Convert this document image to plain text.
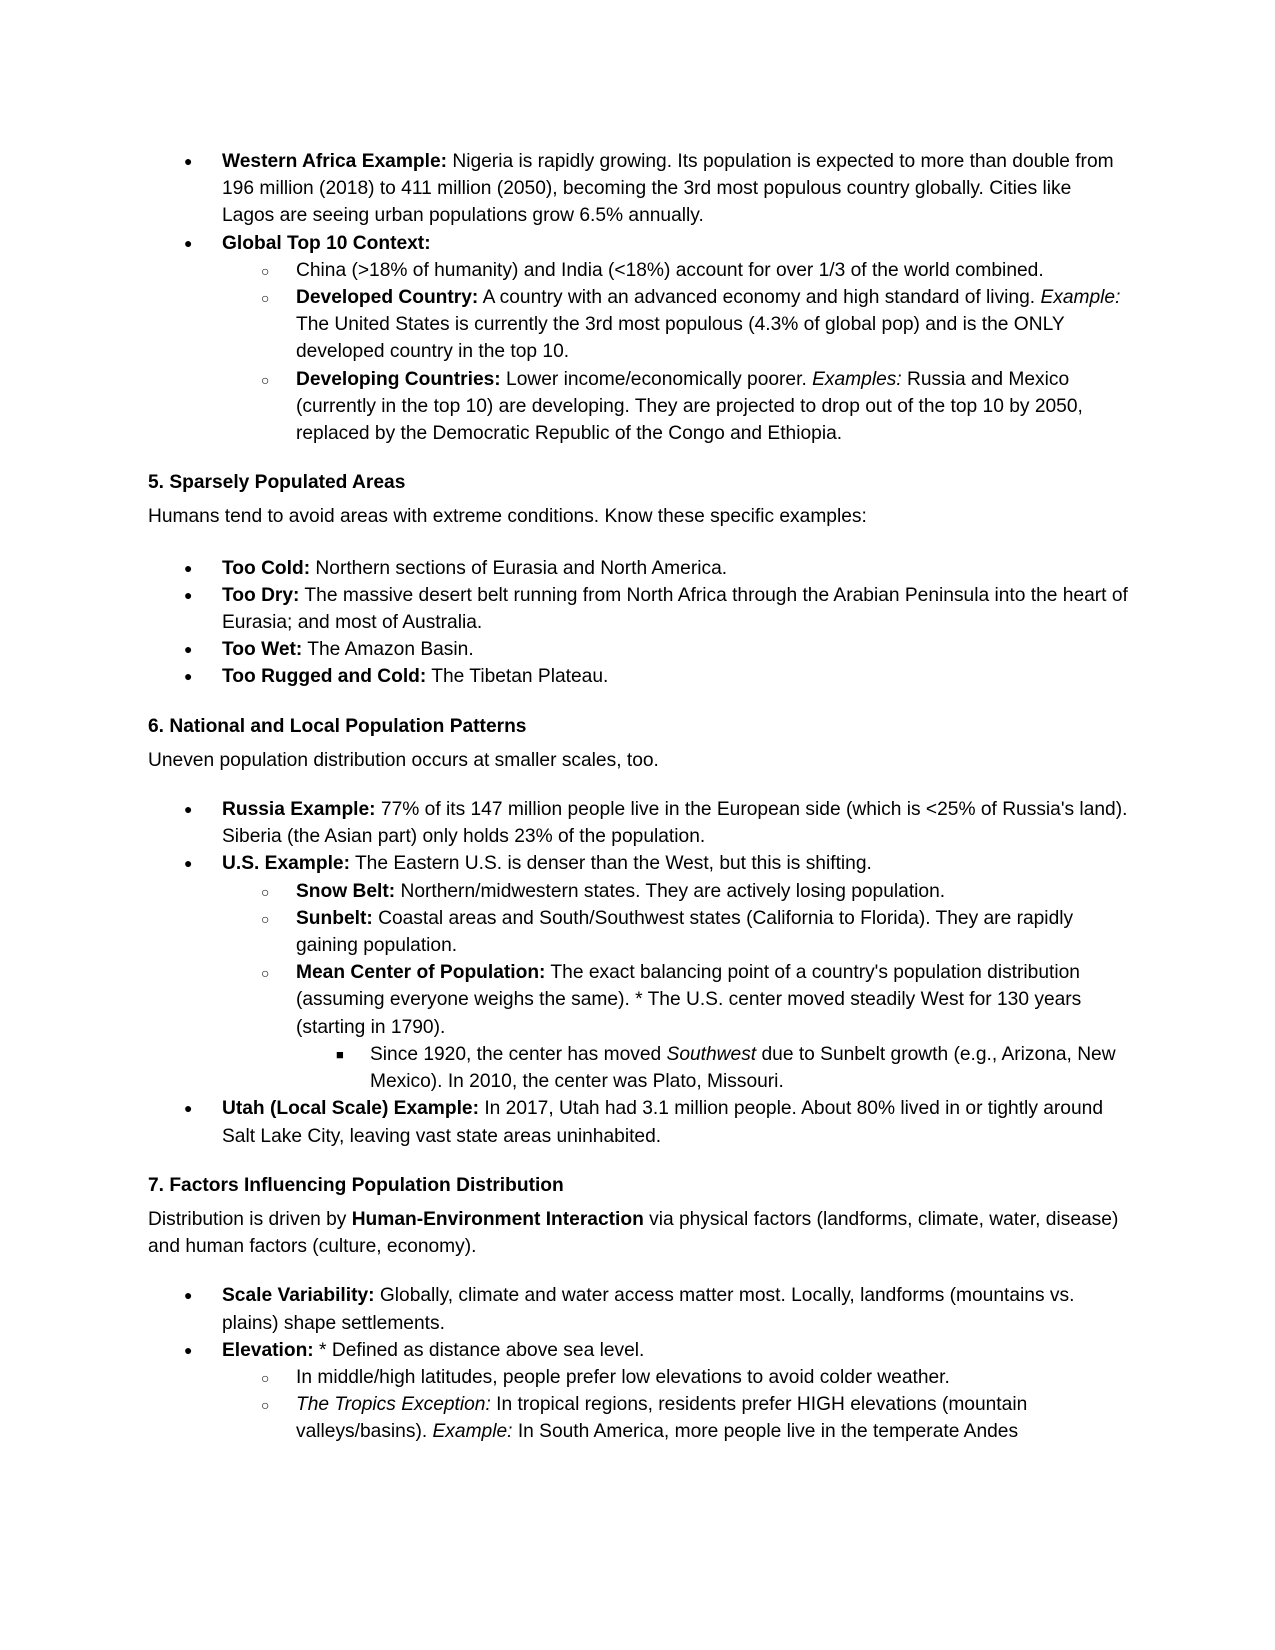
● Western Africa Example: Nigeria is rapidly growing. Its population is expected to more than double from 196 million (2018) to 411 million (2050), becoming the 3rd most populous country globally. Cities like Lagos are seeing urban populations grow 6.5% annually.
● Global Top 10 Context:
○ China (>18% of humanity) and India (<18%) account for over 1/3 of the world combined.
○ Developed Country: A country with an advanced economy and high standard of living. Example: The United States is currently the 3rd most populous (4.3% of global pop) and is the ONLY developed country in the top 10.
○ Developing Countries: Lower income/economically poorer. Examples: Russia and Mexico (currently in the top 10) are developing. They are projected to drop out of the top 10 by 2050, replaced by the Democratic Republic of the Congo and Ethiopia.
5. Sparsely Populated Areas

Humans tend to avoid areas with extreme conditions. Know these specific examples:

● Too Cold: Northern sections of Eurasia and North America.
● Too Dry: The massive desert belt running from North Africa through the Arabian Peninsula into the heart of Eurasia; and most of Australia.
● Too Wet: The Amazon Basin.
● Too Rugged and Cold: The Tibetan Plateau.
6. National and Local Population Patterns

Uneven population distribution occurs at smaller scales, too.

● Russia Example: 77% of its 147 million people live in the European side (which is <25% of Russia's land). Siberia (the Asian part) only holds 23% of the population.
● U.S. Example: The Eastern U.S. is denser than the West, but this is shifting.
○ Snow Belt: Northern/midwestern states. They are actively losing population.
○ Sunbelt: Coastal areas and South/Southwest states (California to Florida). They are rapidly gaining population.
○ Mean Center of Population: The exact balancing point of a country's population distribution (assuming everyone weighs the same). * The U.S. center moved steadily West for 130 years (starting in 1790).
■ Since 1920, the center has moved Southwest due to Sunbelt growth (e.g., Arizona, New Mexico). In 2010, the center was Plato, Missouri.
● Utah (Local Scale) Example: In 2017, Utah had 3.1 million people. About 80% lived in or tightly around Salt Lake City, leaving vast state areas uninhabited.
7. Factors Influencing Population Distribution

Distribution is driven by Human-Environment Interaction via physical factors (landforms, climate, water, disease) and human factors (culture, economy).

● Scale Variability: Globally, climate and water access matter most. Locally, landforms (mountains vs. plains) shape settlements.
● Elevation: * Defined as distance above sea level.
○ In middle/high latitudes, people prefer low elevations to avoid colder weather.
○ The Tropics Exception: In tropical regions, residents prefer HIGH elevations (mountain valleys/basins). Example: In South America, more people live in the temperate Andes
